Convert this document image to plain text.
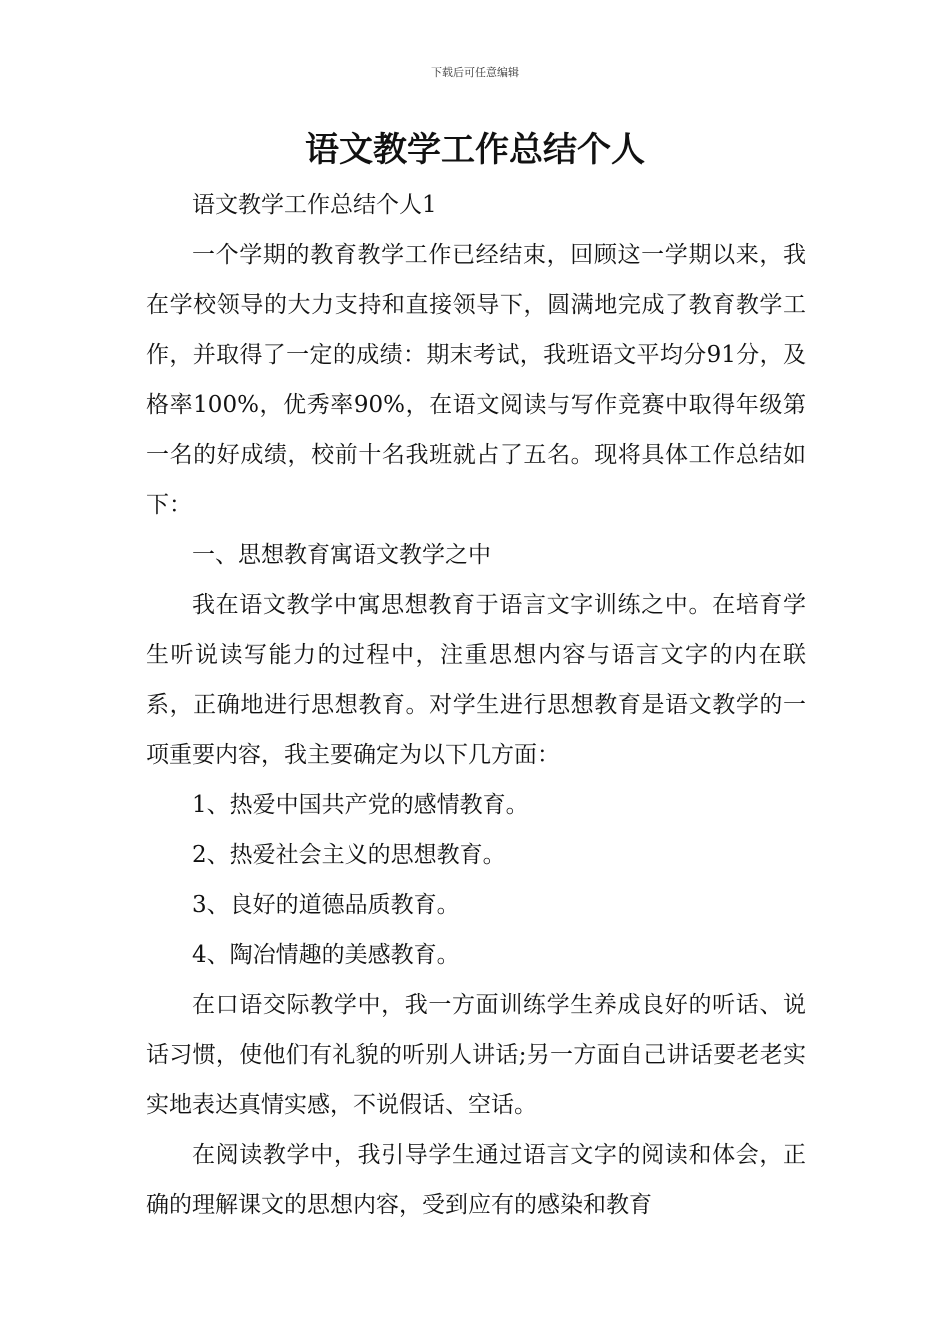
下载后可任意编辑
语文教学工作总结个人

语文教学工作总结个人1

一个学期的教育教学工作已经结束，回顾这一学期以来，我在学校领导的大力支持和直接领导下，圆满地完成了教育教学工作，并取得了一定的成绩：期末考试，我班语文平均分91分，及格率100%，优秀率90%，在语文阅读与写作竞赛中取得年级第一名的好成绩，校前十名我班就占了五名。现将具体工作总结如下：

一、思想教育寓语文教学之中

我在语文教学中寓思想教育于语言文字训练之中。在培育学生听说读写能力的过程中，注重思想内容与语言文字的内在联系，正确地进行思想教育。对学生进行思想教育是语文教学的一项重要内容，我主要确定为以下几方面：

1、热爱中国共产党的感情教育。

2、热爱社会主义的思想教育。

3、良好的道德品质教育。

4、陶冶情趣的美感教育。

在口语交际教学中，我一方面训练学生养成良好的听话、说话习惯，使他们有礼貌的听别人讲话;另一方面自己讲话要老老实实地表达真情实感，不说假话、空话。

在阅读教学中，我引导学生通过语言文字的阅读和体会，正确的理解课文的思想内容，受到应有的感染和教育
